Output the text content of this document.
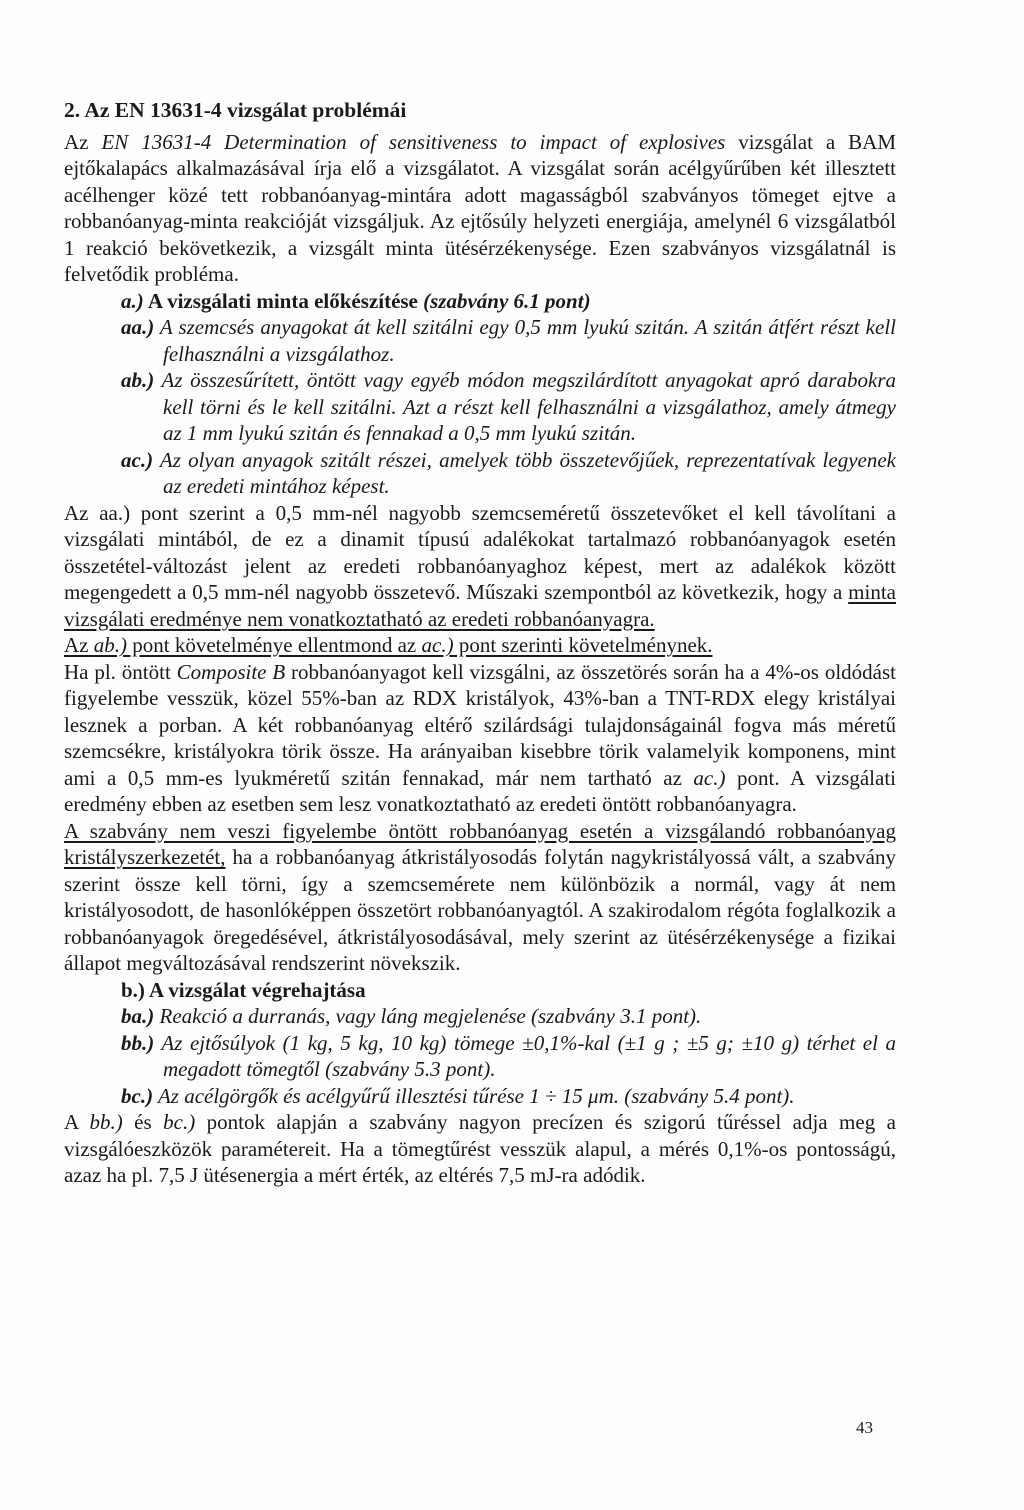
2. Az EN 13631-4 vizsgálat problémái

Az EN 13631-4 Determination of sensitiveness to impact of explosives vizsgálat a BAM ejtőkalapács alkalmazásával írja elő a vizsgálatot. A vizsgálat során acélgyűrűben két illesztett acélhenger közé tett robbanóanyag-mintára adott magasságból szabványos tömeget ejtve a robbanóanyag-minta reakcióját vizsgáljuk. Az ejtősúly helyzeti energiája, amelynél 6 vizsgálatból 1 reakció bekövetkezik, a vizsgált minta ütésérzékenysége. Ezen szabványos vizsgálatnál is felvetődik probléma.

a.) A vizsgálati minta előkészítése (szabvány 6.1 pont)

aa.) A szemcsés anyagokat át kell szitálni egy 0,5 mm lyukú szitán. A szitán átfért részt kell felhasználni a vizsgálathoz.

ab.) Az összesűrített, öntött vagy egyéb módon megszilárdított anyagokat apró darabokra kell törni és le kell szitálni. Azt a részt kell felhasználni a vizsgálathoz, amely átmegy az 1 mm lyukú szitán és fennakad a 0,5 mm lyukú szitán.

ac.) Az olyan anyagok szitált részei, amelyek több összetevőjűek, reprezentatívak legyenek az eredeti mintához képest.

Az aa.) pont szerint a 0,5 mm-nél nagyobb szemcseméretű összetevőket el kell távolítani a vizsgálati mintából, de ez a dinamit típusú adalékokat tartalmazó robbanóanyagok esetén összetétel-változást jelent az eredeti robbanóanyaghoz képest, mert az adalékok között megengedett a 0,5 mm-nél nagyobb összetevő. Műszaki szempontból az következik, hogy a minta vizsgálati eredménye nem vonatkoztatható az eredeti robbanóanyagra.

Az ab.) pont követelménye ellentmond az ac.) pont szerinti követelménynek.

Ha pl. öntött Composite B robbanóanyagot kell vizsgálni, az összetörés során ha a 4%-os oldódást figyelembe vesszük, közel 55%-ban az RDX kristályok, 43%-ban a TNT-RDX elegy kristályai lesznek a porban. A két robbanóanyag eltérő szilárdsági tulajdonságainál fogva más méretű szemcsékre, kristályokra törik össze. Ha arányaiban kisebbre törik valamelyik komponens, mint ami a 0,5 mm-es lyukméretű szitán fennakad, már nem tartható az ac.) pont. A vizsgálati eredmény ebben az esetben sem lesz vonatkoztatható az eredeti öntött robbanóanyagra.

A szabvány nem veszi figyelembe öntött robbanóanyag esetén a vizsgálandó robbanóanyag kristályszerkezetét, ha a robbanóanyag átkristályosodás folytán nagykristályossá vált, a szabvány szerint össze kell törni, így a szemcsemérete nem különbözik a normál, vagy át nem kristályosodott, de hasonlóképpen összetört robbanóanyagtól. A szakirodalom régóta foglalkozik a robbanóanyagok öregedésével, átkristályosodásával, mely szerint az ütésérzékenysége a fizikai állapot megváltozásával rendszerint növekszik.

b.) A vizsgálat végrehajtása

ba.) Reakció a durranás, vagy láng megjelenése (szabvány 3.1 pont).

bb.) Az ejtősúlyok (1 kg, 5 kg, 10 kg) tömege ±0,1%-kal (±1 g ; ±5 g; ±10 g) térhet el a megadott tömegtől (szabvány 5.3 pont).

bc.) Az acélgörgők és acélgyűrű illesztési tűrése 1 ÷ 15 μm. (szabvány 5.4 pont).

A bb.) és bc.) pontok alapján a szabvány nagyon precízen és szigorú tűréssel adja meg a vizsgálóeszközök paramétereit. Ha a tömegtűrést vesszük alapul, a mérés 0,1%-os pontosságú, azaz ha pl. 7,5 J ütésenergia a mért érték, az eltérés 7,5 mJ-ra adódik.

43
